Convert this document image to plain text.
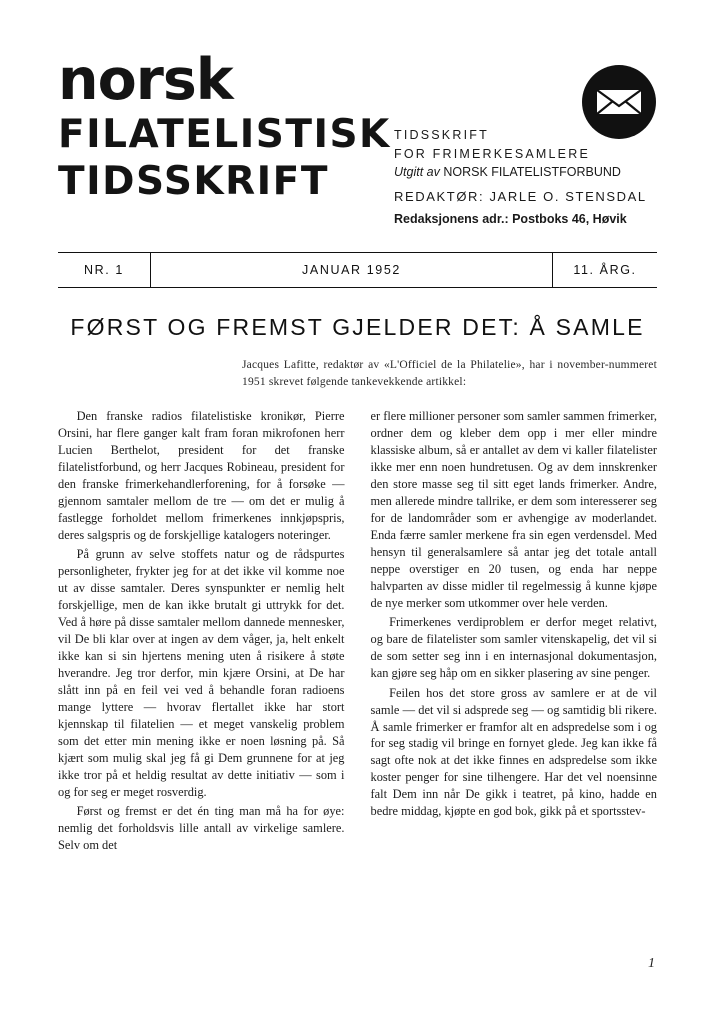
norsk
FILATELISTISK
TIDSSKRIFT
TIDSSKRIFT
FOR FRIMERKESAMLERE
Utgitt av NORSK FILATELISTFORBUND
REDAKTØR: JARLE O. STENSDAL
Redaksjonens adr.: Postboks 46, Høvik
NR. 1	JANUAR 1952	11. ÅRG.
FØRST OG FREMST GJELDER DET: Å SAMLE
Jacques Lafitte, redaktør av «L'Officiel de la Philatelie», har i november-nummeret 1951 skrevet følgende tankevekkende artikkel:

Den franske radios filatelistiske kronikør, Pierre Orsini, har flere ganger kalt fram foran mikrofonen herr Lucien Berthelot, president for det franske filatelistforbund, og herr Jacques Robineau, president for den franske frimerkehandlerforening, for å forsøke — gjennom samtaler mellom de tre — om det er mulig å fastlegge forholdet mellom frimerkenes innkjøpspris, deres salgspris og de forskjellige katalogers noteringer.

På grunn av selve stoffets natur og de rådspurtes personligheter, frykter jeg for at det ikke vil komme noe ut av disse samtaler. Deres synspunkter er nemlig helt forskjellige, men de kan ikke brutalt gi uttrykk for det. Ved å høre på disse samtaler mellom dannede mennesker, vil De bli klar over at ingen av dem våger, ja, helt enkelt ikke kan si sin hjertens mening uten å risikere å støte hverandre. Jeg tror derfor, min kjære Orsini, at De har slått inn på en feil vei ved å behandle foran radioens mange lyttere — hvorav flertallet ikke har stort kjennskap til filatelien — et meget vanskelig problem som det etter min mening ikke er noen løsning på. Så kjært som mulig skal jeg få gi Dem grunnene for at jeg ikke tror på et heldig resultat av dette initiativ — som i og for seg er meget rosverdig.

Først og fremst er det én ting man må ha for øye: nemlig det forholdsvis lille antall av virkelige samlere. Selv om det

er flere millioner personer som samler sammen frimerker, ordner dem og kleber dem opp i mer eller mindre klassiske album, så er antallet av dem vi kaller filatelister ikke mer enn noen hundretusen. Og av dem innskrenker den store masse seg til sitt eget lands frimerker. Andre, men allerede mindre tallrike, er dem som interesserer seg for de landområder som er avhengige av moderlandet. Enda færre samler merkene fra sin egen verdensdel. Med hensyn til generalsamlere så antar jeg det totale antall neppe overstiger en 20 tusen, og enda har neppe halvparten av disse midler til regelmessig å kunne kjøpe de nye merker som utkommer over hele verden.

Frimerkenes verdiproblem er derfor meget relativt, og bare de filatelister som samler vitenskapelig, det vil si de som setter seg inn i en internasjonal dokumentasjon, kan gjøre seg håp om en sikker plasering av sine penger.

Feilen hos det store gross av samlere er at de vil samle — det vil si adsprede seg — og samtidig bli rikere. Å samle frimerker er framfor alt en adspredelse som i og for seg stadig vil bringe en fornyet glede. Jeg kan ikke få sagt ofte nok at det ikke finnes en adspredelse som ikke koster penger for sine tilhengere. Har det vel noensinne falt Dem inn når De gikk i teatret, på kino, hadde en bedre middag, kjøpte en god bok, gikk på et sportsstev-

1
